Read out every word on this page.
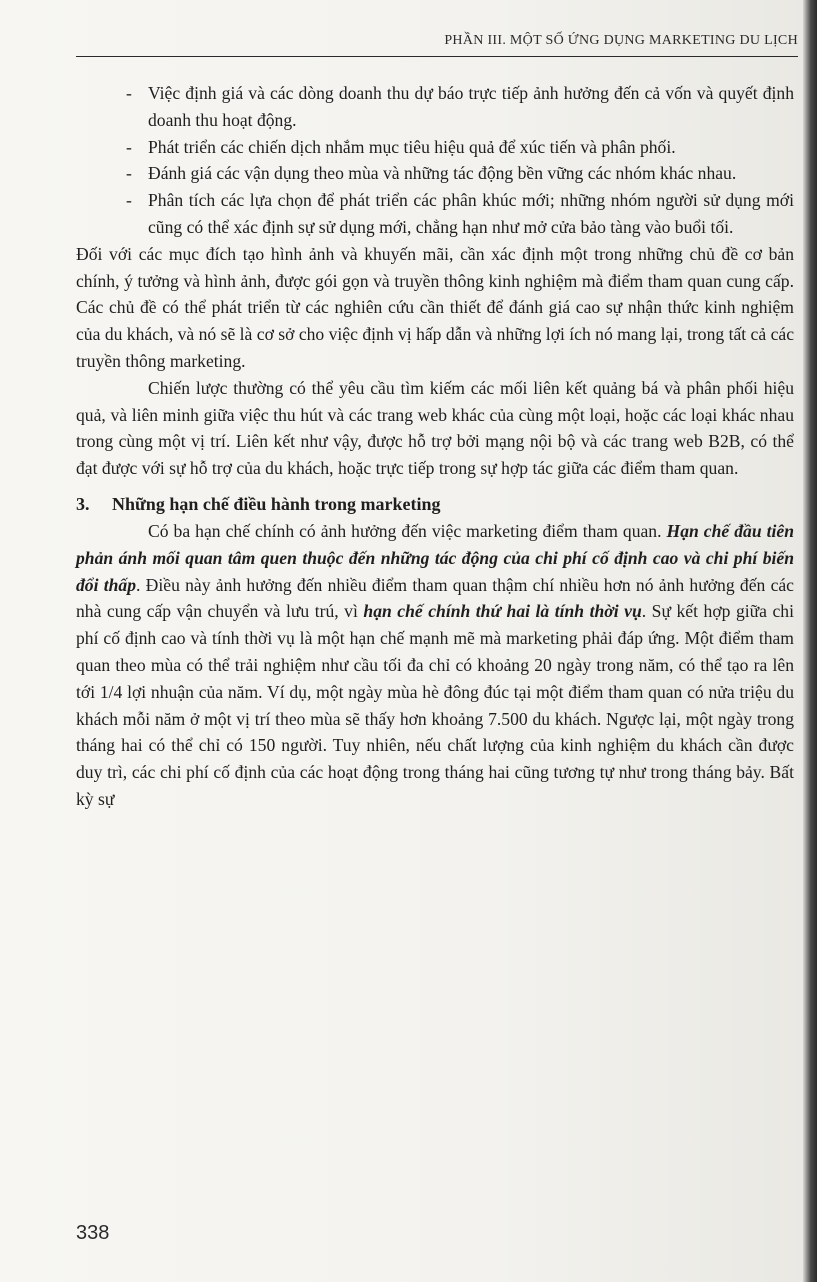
PHẦN III. MỘT SỐ ỨNG DỤNG MARKETING DU LỊCH
- Việc định giá và các dòng doanh thu dự báo trực tiếp ảnh hưởng đến cả vốn và quyết định doanh thu hoạt động.
- Phát triển các chiến dịch nhắm mục tiêu hiệu quả để xúc tiến và phân phối.
- Đánh giá các vận dụng theo mùa và những tác động bền vững các nhóm khác nhau.
- Phân tích các lựa chọn để phát triển các phân khúc mới; những nhóm người sử dụng mới cũng có thể xác định sự sử dụng mới, chẳng hạn như mở cửa bảo tàng vào buổi tối.

Đối với các mục đích tạo hình ảnh và khuyến mãi, cần xác định một trong những chủ đề cơ bản chính, ý tưởng và hình ảnh, được gói gọn và truyền thông kinh nghiệm mà điểm tham quan cung cấp. Các chủ đề có thể phát triển từ các nghiên cứu cần thiết để đánh giá cao sự nhận thức kinh nghiệm của du khách, và nó sẽ là cơ sở cho việc định vị hấp dẫn và những lợi ích nó mang lại, trong tất cả các truyền thông marketing.

Chiến lược thường có thể yêu cầu tìm kiếm các mối liên kết quảng bá và phân phối hiệu quả, và liên minh giữa việc thu hút và các trang web khác của cùng một loại, hoặc các loại khác nhau trong cùng một vị trí. Liên kết như vậy, được hỗ trợ bởi mạng nội bộ và các trang web B2B, có thể đạt được với sự hỗ trợ của du khách, hoặc trực tiếp trong sự hợp tác giữa các điểm tham quan.

3. Những hạn chế điều hành trong marketing

Có ba hạn chế chính có ảnh hưởng đến việc marketing điểm tham quan. Hạn chế đầu tiên phản ánh mối quan tâm quen thuộc đến những tác động của chi phí cố định cao và chi phí biến đổi thấp. Điều này ảnh hưởng đến nhiều điểm tham quan thậm chí nhiều hơn nó ảnh hưởng đến các nhà cung cấp vận chuyển và lưu trú, vì hạn chế chính thứ hai là tính thời vụ. Sự kết hợp giữa chi phí cố định cao và tính thời vụ là một hạn chế mạnh mẽ mà marketing phải đáp ứng. Một điểm tham quan theo mùa có thể trải nghiệm như cầu tối đa chỉ có khoảng 20 ngày trong năm, có thể tạo ra lên tới 1/4 lợi nhuận của năm. Ví dụ, một ngày mùa hè đông đúc tại một điểm tham quan có nửa triệu du khách mỗi năm ở một vị trí theo mùa sẽ thấy hơn khoảng 7.500 du khách. Ngược lại, một ngày trong tháng hai có thể chỉ có 150 người. Tuy nhiên, nếu chất lượng của kinh nghiệm du khách cần được duy trì, các chi phí cố định của các hoạt động trong tháng hai cũng tương tự như trong tháng bảy. Bất kỳ sự

338
